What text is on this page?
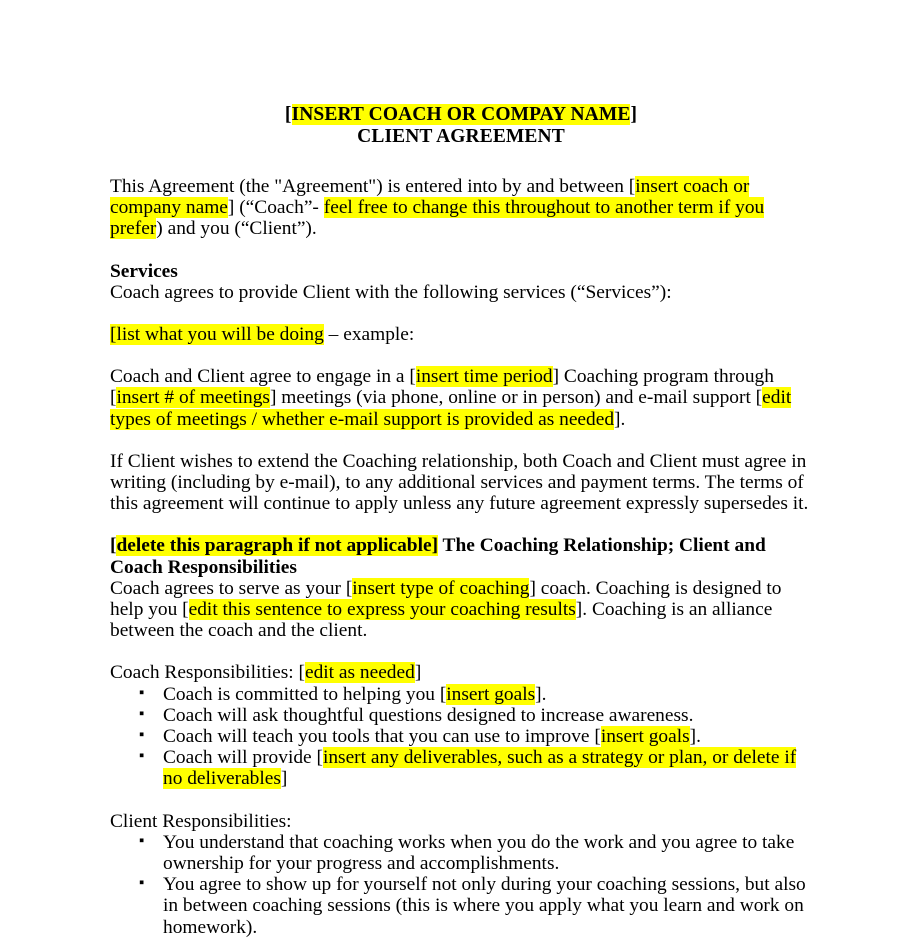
[INSERT COACH OR COMPAY NAME]
CLIENT AGREEMENT

This Agreement (the "Agreement") is entered into by and between [insert coach or company name] (“Coach”- feel free to change this throughout to another term if you prefer) and you (“Client”).

Services

Coach agrees to provide Client with the following services (“Services”):

[list what you will be doing – example:

Coach and Client agree to engage in a [insert time period] Coaching program through [insert # of meetings] meetings (via phone, online or in person) and e-mail support [edit types of meetings / whether e-mail support is provided as needed].

If Client wishes to extend the Coaching relationship, both Coach and Client must agree in writing (including by e-mail), to any additional services and payment terms. The terms of this agreement will continue to apply unless any future agreement expressly supersedes it.

[delete this paragraph if not applicable] The Coaching Relationship; Client and Coach Responsibilities

Coach agrees to serve as your [insert type of coaching] coach. Coaching is designed to help you [edit this sentence to express your coaching results]. Coaching is an alliance between the coach and the client.

Coach Responsibilities: [edit as needed]

▪ Coach is committed to helping you [insert goals].
▪ Coach will ask thoughtful questions designed to increase awareness.
▪ Coach will teach you tools that you can use to improve [insert goals].
▪ Coach will provide [insert any deliverables, such as a strategy or plan, or delete if no deliverables]

Client Responsibilities:

▪ You understand that coaching works when you do the work and you agree to take ownership for your progress and accomplishments.
▪ You agree to show up for yourself not only during your coaching sessions, but also in between coaching sessions (this is where you apply what you learn and work on homework).
